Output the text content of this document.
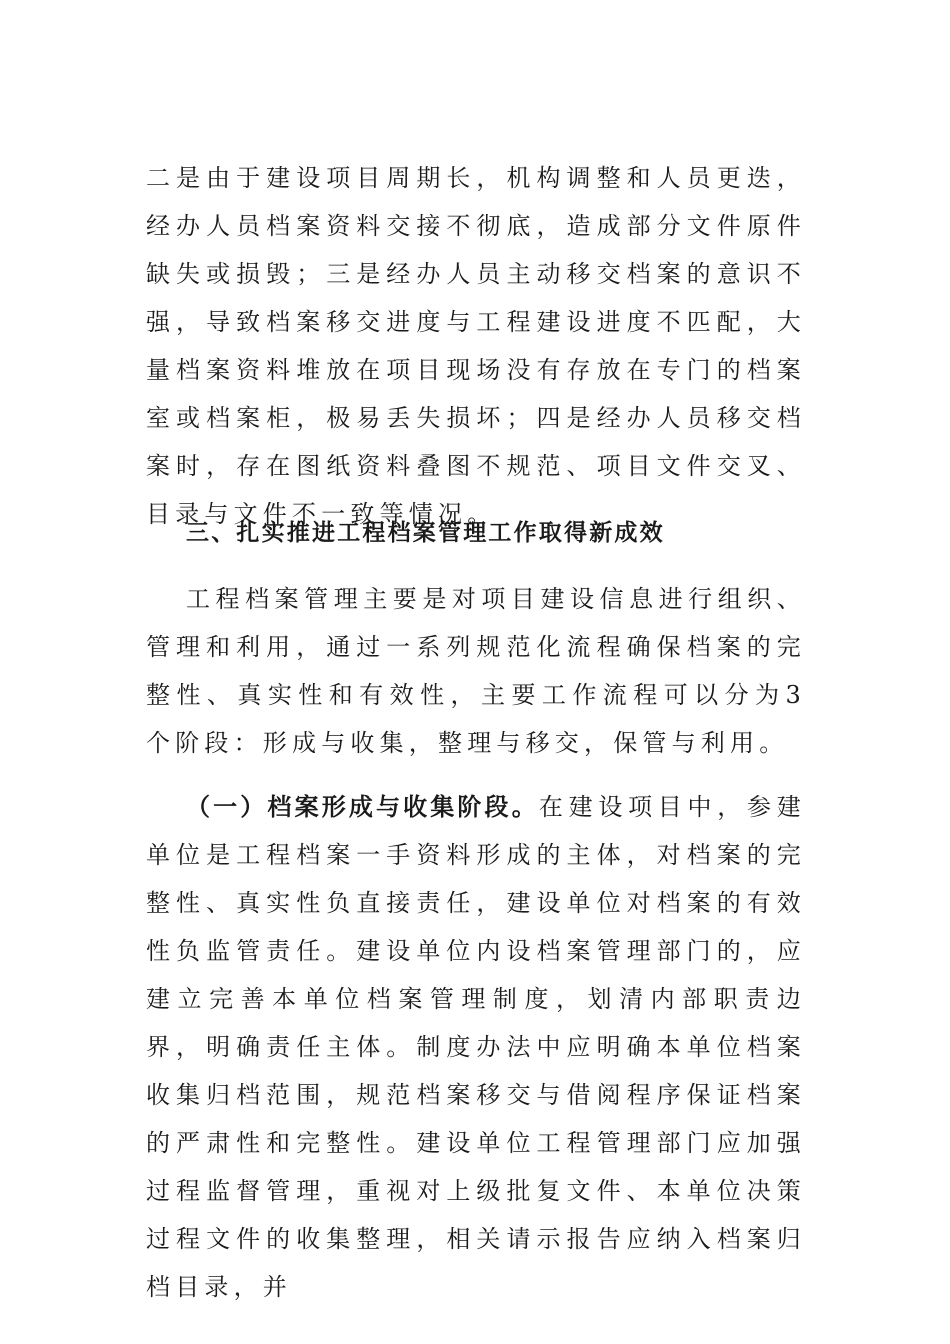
二是由于建设项目周期长，机构调整和人员更迭，经办人员档案资料交接不彻底，造成部分文件原件缺失或损毁；三是经办人员主动移交档案的意识不强，导致档案移交进度与工程建设进度不匹配，大量档案资料堆放在项目现场没有存放在专门的档案室或档案柜，极易丢失损坏；四是经办人员移交档案时，存在图纸资料叠图不规范、项目文件交叉、目录与文件不一致等情况。

三、扎实推进工程档案管理工作取得新成效

工程档案管理主要是对项目建设信息进行组织、管理和利用，通过一系列规范化流程确保档案的完整性、真实性和有效性，主要工作流程可以分为3个阶段：形成与收集，整理与移交，保管与利用。

（一）档案形成与收集阶段。在建设项目中，参建单位是工程档案一手资料形成的主体，对档案的完整性、真实性负直接责任，建设单位对档案的有效性负监管责任。建设单位内设档案管理部门的，应建立完善本单位档案管理制度，划清内部职责边界，明确责任主体。制度办法中应明确本单位档案收集归档范围，规范档案移交与借阅程序保证档案的严肃性和完整性。建设单位工程管理部门应加强过程监督管理，重视对上级批复文件、本单位决策过程文件的收集整理，相关请示报告应纳入档案归档目录，并
